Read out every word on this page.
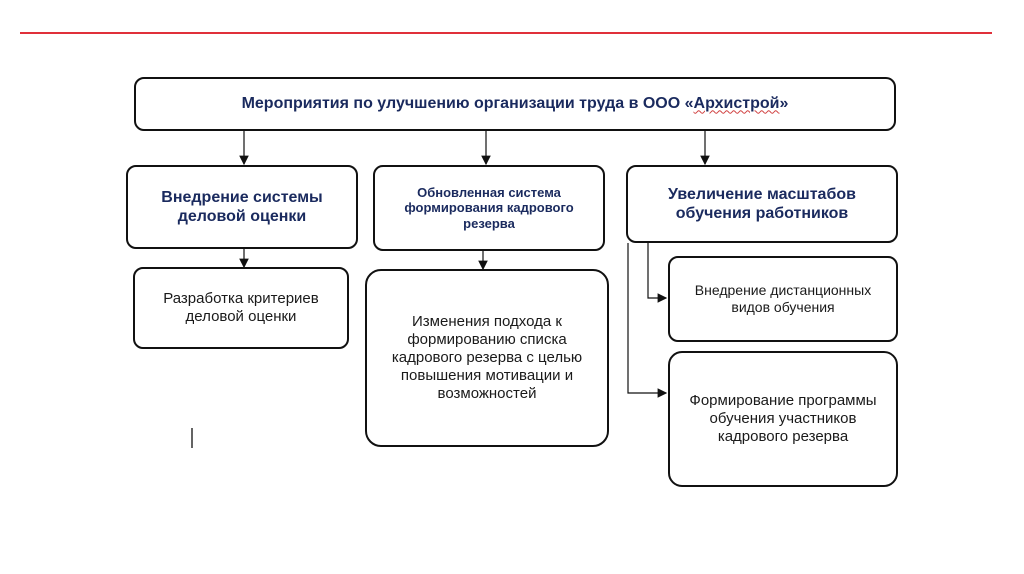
Мероприятия по улучшению организации труда в ООО «Архистрой»
Внедрение системы деловой оценки
Обновленная система формирования кадрового резерва
Увеличение масштабов обучения работников
Разработка критериев деловой оценки	Изменения подхода к формированию списка кадрового резерва с целью повышения мотивации и возможностей
Внедрение дистанционных видов обучения
Формирование программы обучения участников кадрового резерва
